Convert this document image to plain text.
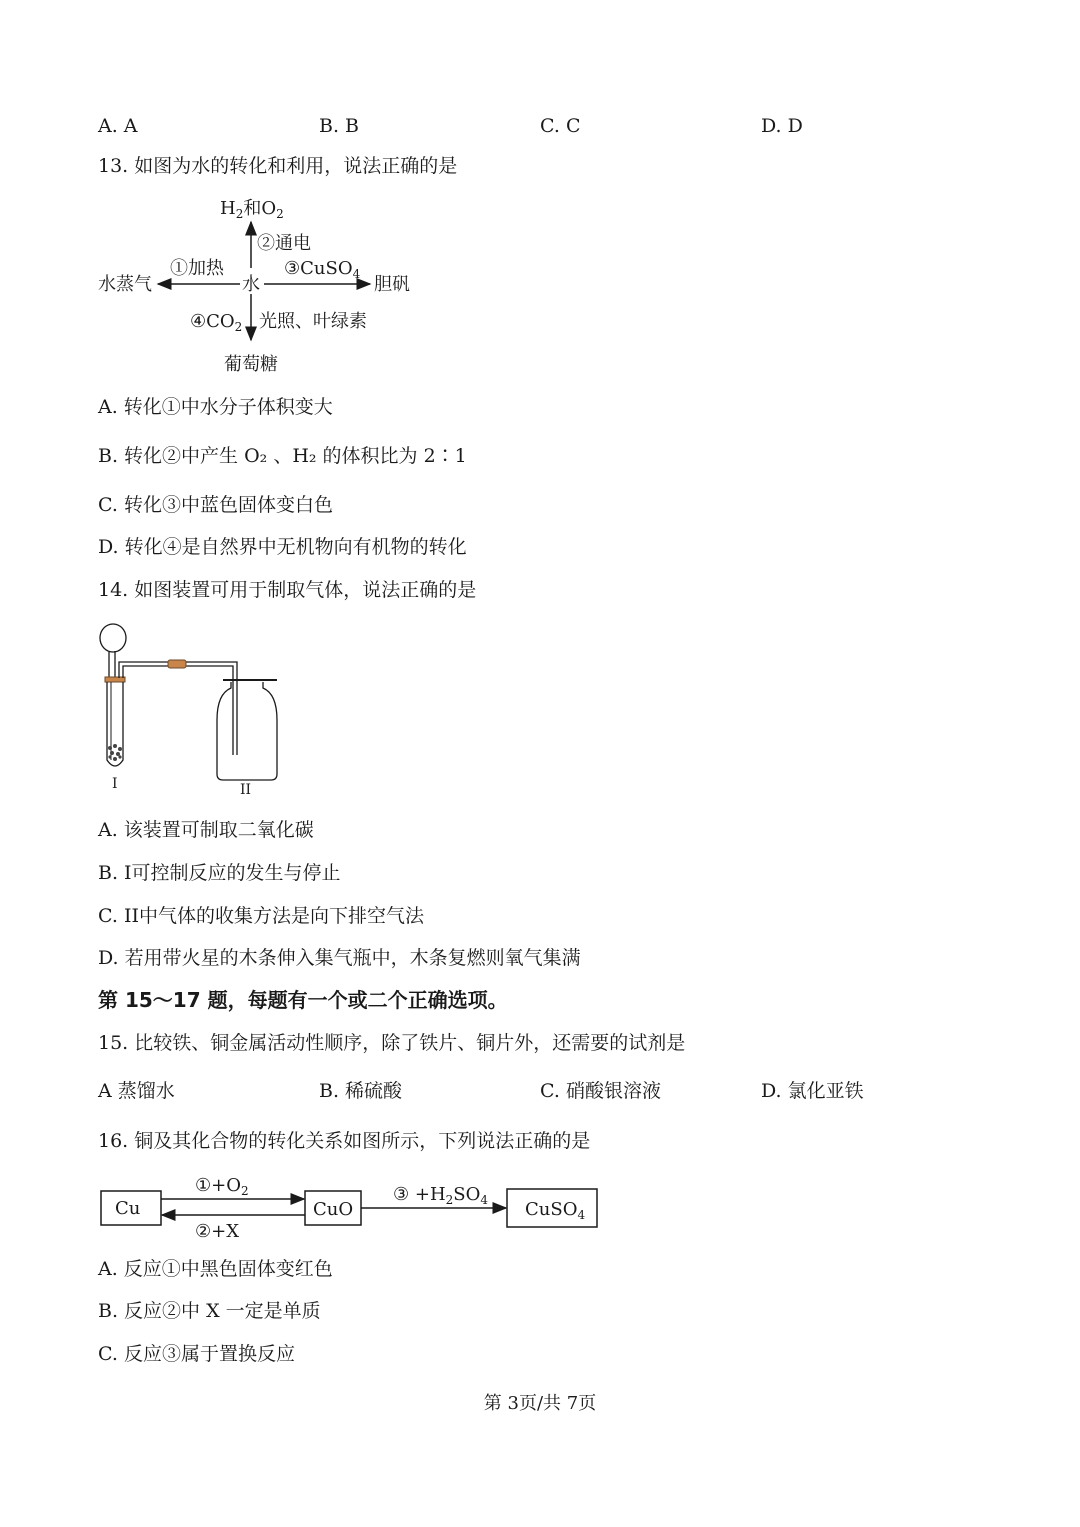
A. A	B. B	C. C	D. D
13. 如图为水的转化和利用，说法正确的是
$H_2$和$O_2$
②通电
水蒸气
①加热
水
③CuSO$_4$ 胆矾
$④CO_2$ 光照、叶绿素
葡萄糖
A. 转化①中水分子体积变大
B. 转化②中产生 O₂ 、H₂ 的体积比为 2∶1
C. 转化③中蓝色固体变白色
D. 转化④是自然界中无机物向有机物的转化
14. 如图装置可用于制取气体，说法正确的是
I	II
A. 该装置可制取二氧化碳
B. I可控制反应的发生与停止
C. II中气体的收集方法是向下排空气法
D. 若用带火星的木条伸入集气瓶中，木条复燃则氧气集满
第 15～17 题，每题有一个或二个正确选项。
15. 比较铁、铜金属活动性顺序，除了铁片、铜片外，还需要的试剂是
A 蒸馏水	B. 稀硫酸	C. 硝酸银溶液	D. 氯化亚铁
16. 铜及其化合物的转化关系如图所示，下列说法正确的是
Cu	CuO	CuSO$_4$
$①+O_2$
②+X
③ $+H_2SO_4$
A. 反应①中黑色固体变红色
B. 反应②中 X 一定是单质
C. 反应③属于置换反应
第 3页/共 7页
